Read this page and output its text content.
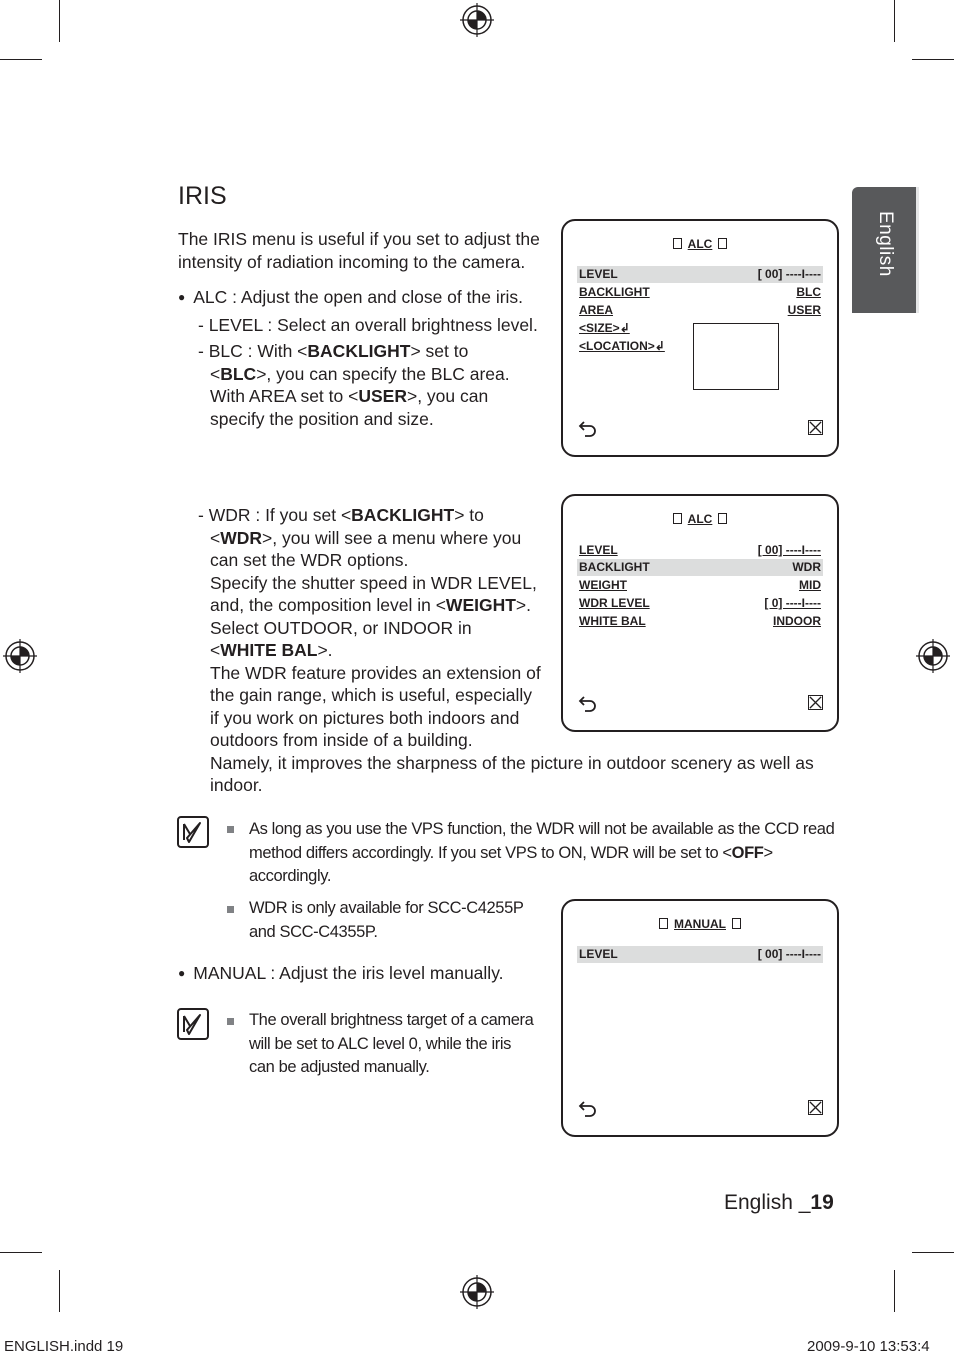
English
IRIS
The IRIS menu is useful if you set to adjust the
intensity of radiation incoming to the camera.
● ALC : Adjust the open and close of the iris.
- LEVEL : Select an overall brightness level.
- BLC : With <BACKLIGHT> set to
<BLC>, you can specify the BLC area.
With AREA set to <USER>, you can
specify the position and size.
- WDR : If you set <BACKLIGHT> to
<WDR>, you will see a menu where you
can set the WDR options.
Specify the shutter speed in WDR LEVEL,
and, the composition level in <WEIGHT>.
Select OUTDOOR, or INDOOR in
<WHITE BAL>.
The WDR feature provides an extension of
the gain range, which is useful, especially
if you work on pictures both indoors and
outdoors from inside of a building.
Namely, it improves the sharpness of the picture in outdoor scenery as well as
indoor.
As long as you use the VPS function, the WDR will not be available as the CCD read
method differs accordingly. If you set VPS to ON, WDR will be set to <OFF>
accordingly.
WDR is only available for SCC-C4255P
and SCC-C4355P.
● MANUAL : Adjust the iris level manually.
The overall brightness target of a camera
will be set to ALC level 0, while the iris
can be adjusted manually.
ALC
LEVEL	[ 00] ----I----
BACKLIGHT	BLC
AREA	USER
<SIZE>↲
<LOCATION>↲
ALC
LEVEL	[ 00] ----I----
BACKLIGHT	WDR
WEIGHT	MID
WDR LEVEL	[ 0] ----I----
WHITE BAL	INDOOR
MANUAL
LEVEL	[ 00] ----I----
English _19
ENGLISH.indd 19	2009-9-10 13:53:4
